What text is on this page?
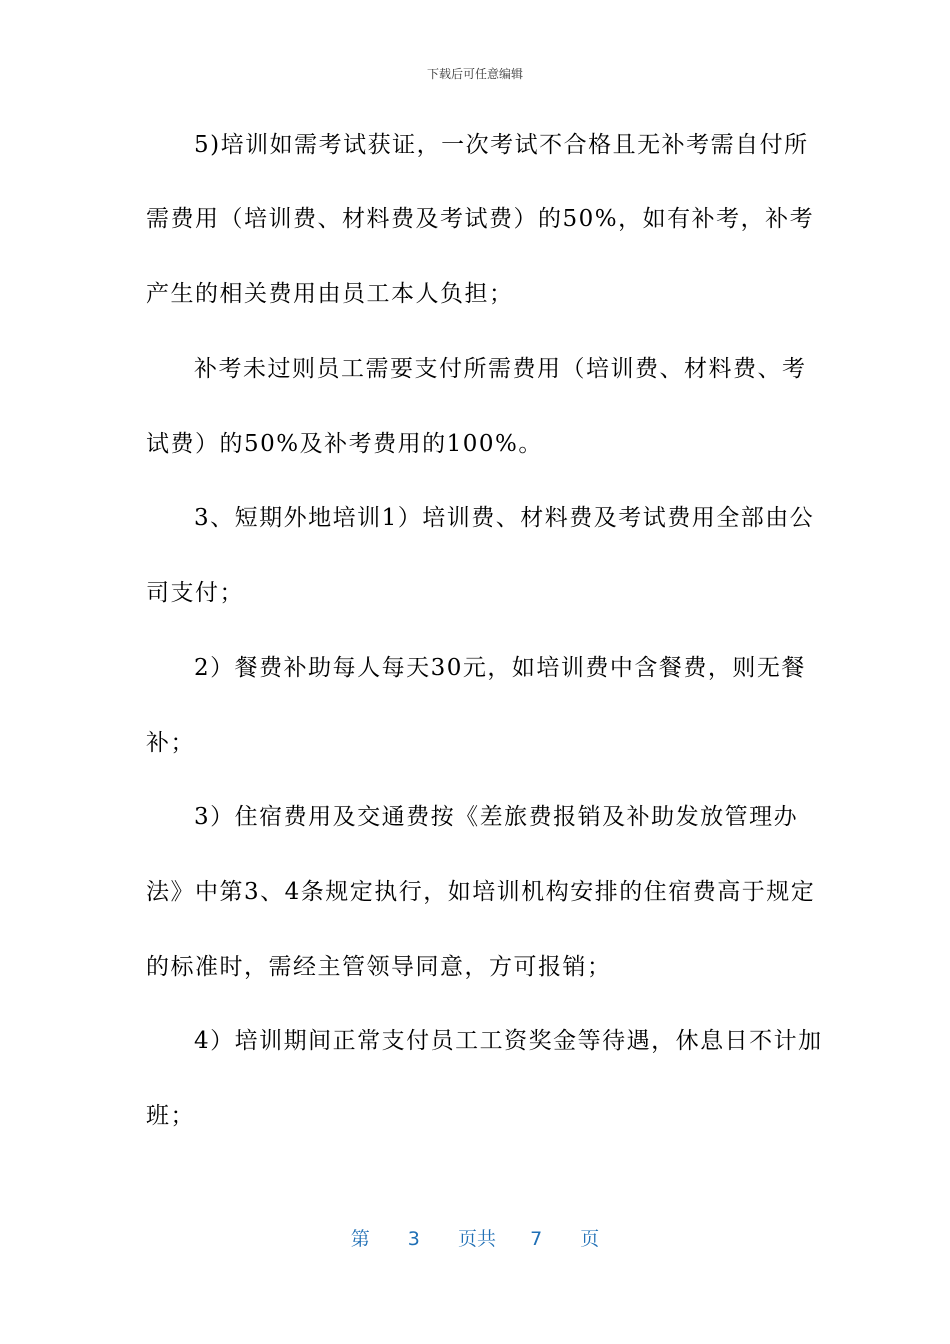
下载后可任意编辑
5)培训如需考试获证，一次考试不合格且无补考需自付所
需费用（培训费、材料费及考试费）的50%，如有补考，补考
产生的相关费用由员工本人负担；
补考未过则员工需要支付所需费用（培训费、材料费、考
试费）的50%及补考费用的100%。
3、短期外地培训1）培训费、材料费及考试费用全部由公
司支付；
2）餐费补助每人每天30元，如培训费中含餐费，则无餐
补；
3）住宿费用及交通费按《差旅费报销及补助发放管理办
法》中第3、4条规定执行，如培训机构安排的住宿费高于规定
的标准时，需经主管领导同意，方可报销；
4）培训期间正常支付员工工资奖金等待遇，休息日不计加
班；
第 3 页共 7 页
